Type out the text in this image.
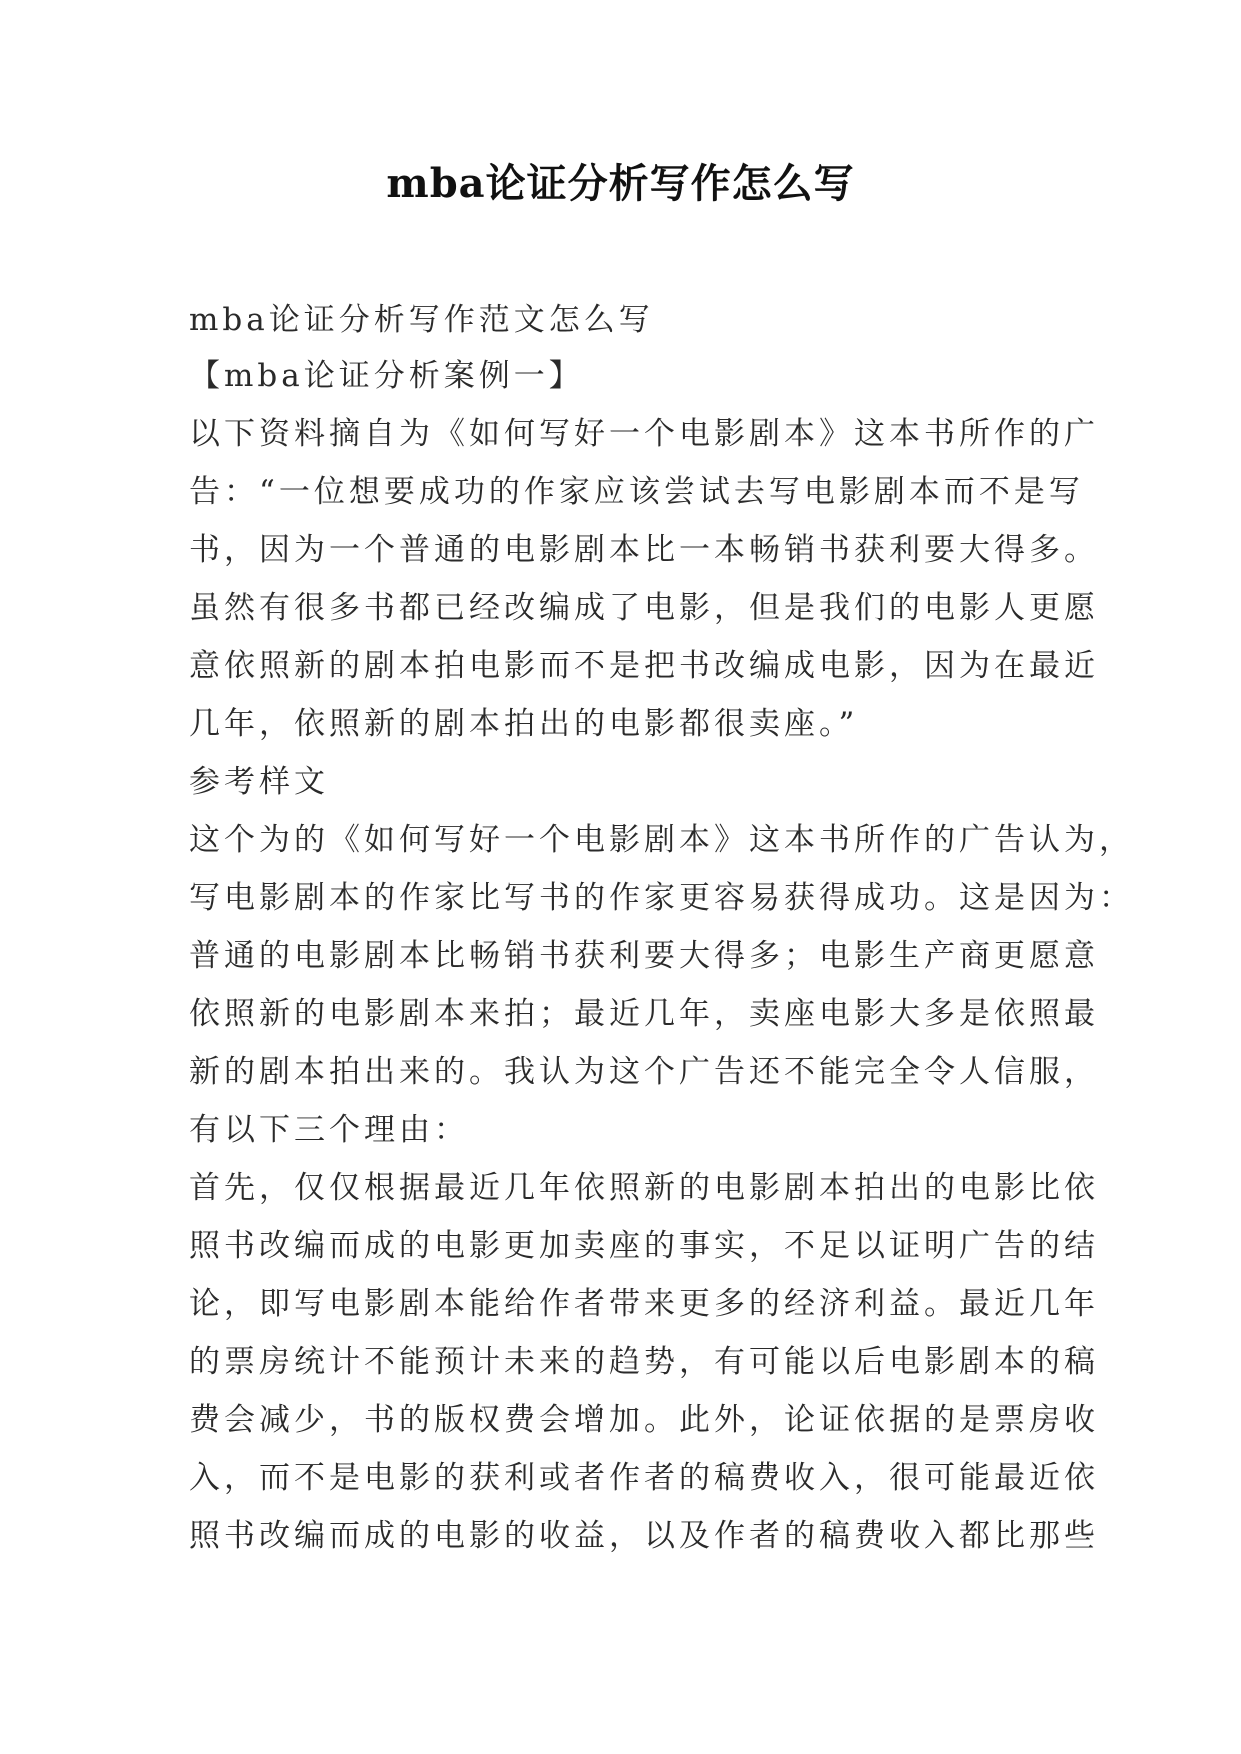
mba论证分析写作怎么写
mba论证分析写作范文怎么写
【mba论证分析案例一】
以下资料摘自为《如何写好一个电影剧本》这本书所作的广
告：“一位想要成功的作家应该尝试去写电影剧本而不是写
书，因为一个普通的电影剧本比一本畅销书获利要大得多。
虽然有很多书都已经改编成了电影，但是我们的电影人更愿
意依照新的剧本拍电影而不是把书改编成电影，因为在最近
几年，依照新的剧本拍出的电影都很卖座。”
参考样文
这个为的《如何写好一个电影剧本》这本书所作的广告认为，
写电影剧本的作家比写书的作家更容易获得成功。这是因为：
普通的电影剧本比畅销书获利要大得多；电影生产商更愿意
依照新的电影剧本来拍；最近几年，卖座电影大多是依照最
新的剧本拍出来的。我认为这个广告还不能完全令人信服，
有以下三个理由：
首先，仅仅根据最近几年依照新的电影剧本拍出的电影比依
照书改编而成的电影更加卖座的事实，不足以证明广告的结
论，即写电影剧本能给作者带来更多的经济利益。最近几年
的票房统计不能预计未来的趋势，有可能以后电影剧本的稿
费会减少，书的版权费会增加。此外，论证依据的是票房收
入，而不是电影的获利或者作者的稿费收入，很可能最近依
照书改编而成的电影的收益，以及作者的稿费收入都比那些
